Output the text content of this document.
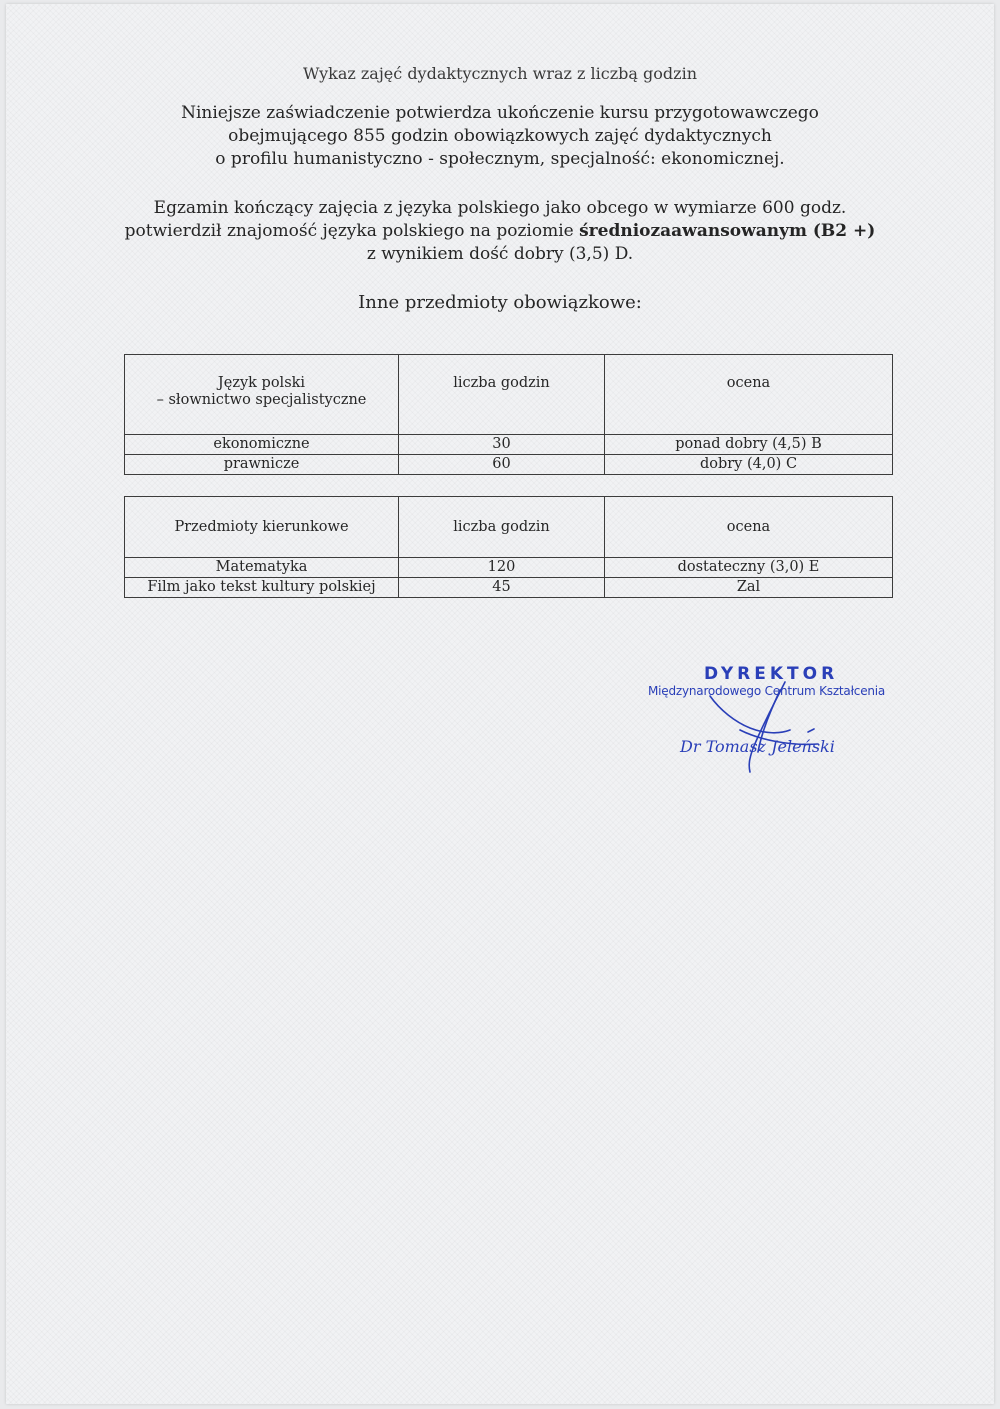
Wykaz zajęć dydaktycznych wraz z liczbą godzin
Niniejsze zaświadczenie potwierdza ukończenie kursu przygotowawczego
obejmującego 855 godzin obowiązkowych zajęć dydaktycznych
o profilu humanistyczno - społecznym, specjalność: ekonomicznej.
Egzamin kończący zajęcia z języka polskiego jako obcego w wymiarze 600 godz.
potwierdził znajomość języka polskiego na poziomie średniozaawansowanym (B2 +)
z wynikiem dość dobry (3,5) D.
Inne przedmioty obowiązkowe:
Język polski
– słownictwo specjalistyczne	liczba godzin	ocena
ekonomiczne	30	ponad dobry (4,5) B
prawnicze	60	dobry (4,0) C
Przedmioty kierunkowe	liczba godzin	ocena
Matematyka	120	dostateczny (3,0) E
Film jako tekst kultury polskiej	45	Zal
DYREKTOR
Międzynarodowego Centrum Kształcenia
Dr Tomasz Jeleński
